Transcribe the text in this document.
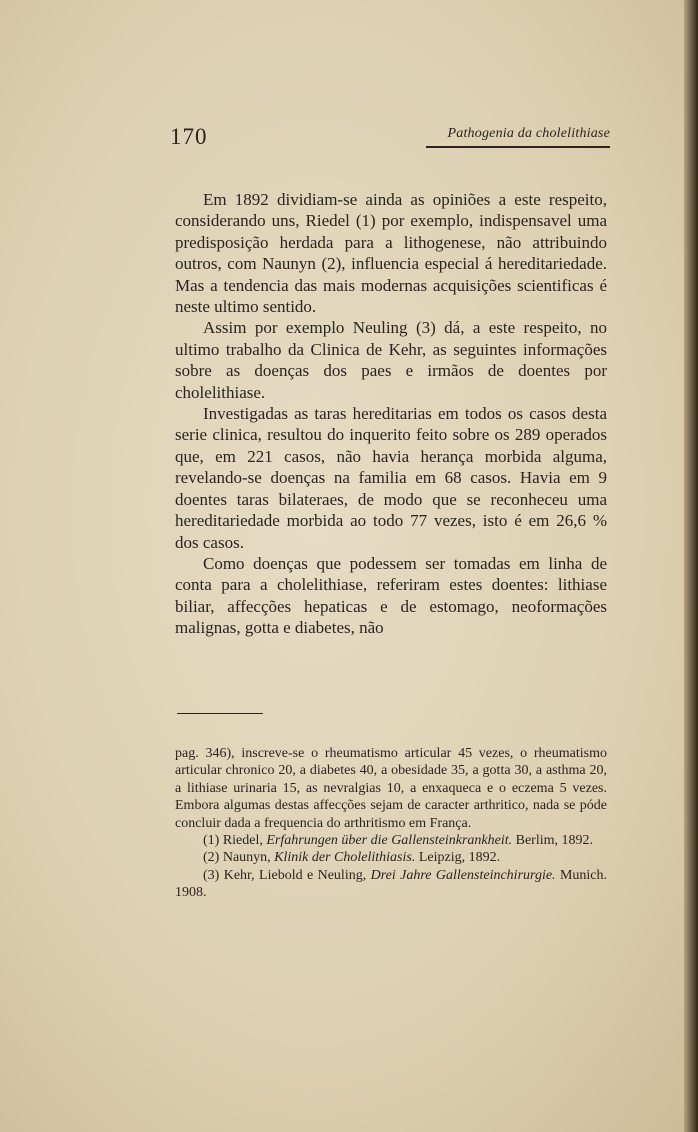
170	Pathogenia da cholelithiase

Em 1892 dividiam-se ainda as opiniões a este respeito, considerando uns, Riedel (1) por exemplo, indispensavel uma predisposição herdada para a lithogenese, não attribuindo outros, com Naunyn (2), influencia especial á hereditariedade. Mas a tendencia das mais modernas acquisições scientificas é neste ultimo sentido.

Assim por exemplo Neuling (3) dá, a este respeito, no ultimo trabalho da Clinica de Kehr, as seguintes informações sobre as doenças dos paes e irmãos de doentes por cholelithiase.

Investigadas as taras hereditarias em todos os casos desta serie clinica, resultou do inquerito feito sobre os 289 operados que, em 221 casos, não havia herança morbida alguma, revelando-se doenças na familia em 68 casos. Havia em 9 doentes taras bilateraes, de modo que se reconheceu uma hereditariedade morbida ao todo 77 vezes, isto é em 26,6 % dos casos.

Como doenças que podessem ser tomadas em linha de conta para a cholelithiase, referiram estes doentes: lithiase biliar, affecções hepaticas e de estomago, neoformações malignas, gotta e diabetes, não

pag. 346), inscreve-se o rheumatismo articular 45 vezes, o rheumatismo articular chronico 20, a diabetes 40, a obesidade 35, a gotta 30, a asthma 20, a lithiase urinaria 15, as nevralgias 10, a enxaqueca e o eczema 5 vezes. Embora algumas destas affecções sejam de caracter arthritico, nada se póde concluir dada a frequencia do arthritismo em França.

(1) Riedel, Erfahrungen über die Gallensteinkrankheit. Berlim, 1892.

(2) Naunyn, Klinik der Cholelithiasis. Leipzig, 1892.

(3) Kehr, Liebold e Neuling, Drei Jahre Gallensteinchirurgie. Munich. 1908.
